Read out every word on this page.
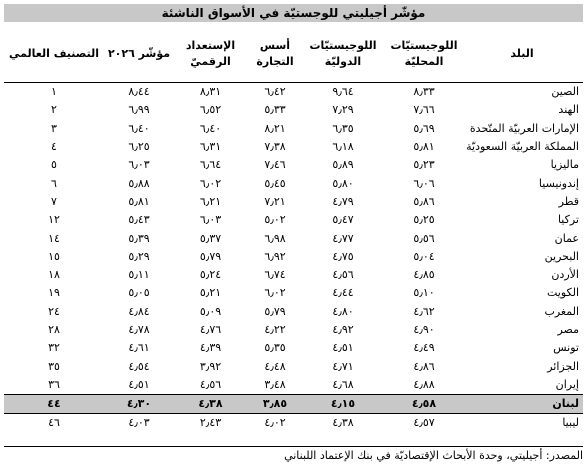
مؤشّر أجيليتي للوجستيّة في الأسواق الناشئة
البلد	اللوجيستيّات المحليّة	اللوجيستيّات الدوليّة	أسس التجارة	الإستعداد الرقميّ	مؤشّر ٢٠٢٦	التصنيف العالمي
الصين	٨٫٣٣	٩٫٦٤	٦٫٤٢	٨٫٣١	٨٫٤٤	١
الهند	٧٫٦٦	٧٫٢٩	٥٫٣٣	٦٫٥٢	٦٫٩٩	٢
الإمارات العربيّة المتّحدة	٥٫٦٩	٦٫٣٥	٨٫٢١	٦٫٤٠	٦٫٤٠	٣
المملكة العربيّة السعوديّة	٥٫٨١	٦٫١٨	٧٫٣٨	٦٫٣١	٦٫٢٥	٤
ماليزيا	٥٫٢٣	٥٫٨٩	٧٫٤٦	٦٫٦٤	٦٫٠٣	٥
إندونيسيا	٦٫٠٦	٥٫٨٠	٥٫٤٥	٦٫٠٢	٥٫٨٨	٦
قطر	٥٫٨٦	٤٫٧٩	٧٫٢١	٦٫٢١	٥٫٨١	٧
تركيا	٥٫٢٥	٥٫٤٧	٥٫٠٢	٦٫٠٣	٥٫٤٣	١٢
عمان	٥٫٥٦	٤٫٧٧	٦٫٩٨	٥٫٣٧	٥٫٣٩	١٤
البحرين	٥٫٠٤	٤٫٧٥	٦٫٩٢	٥٫٧٩	٥٫٢٩	١٥
الأردن	٤٫٨٥	٤٫٥٦	٦٫٧٤	٥٫٢٤	٥٫١١	١٨
الكويت	٥٫١٠	٤٫٤٤	٦٫٠٢	٥٫٢١	٥٫٠٥	١٩
المغرب	٤٫٦٢	٤٫٨٠	٥٫٧٩	٥٫٠٩	٤٫٨٤	٢٤
مصر	٤٫٩٠	٤٫٩٢	٤٫٢٢	٤٫٧٦	٤٫٧٨	٢٨
تونس	٤٫٤٩	٤٫٥١	٥٫٣٥	٤٫٣٩	٤٫٦١	٣٢
الجزائر	٤٫٨٦	٤٫٧١	٤٫٤٨	٣٫٩٢	٤٫٥٤	٣٥
إيران	٤٫٨٨	٤٫٦٨	٣٫٤٨	٤٫٥٦	٤٫٥١	٣٦
لبنان	٤٫٥٨	٤٫١٥	٣٫٨٥	٤٫٣٨	٤٫٣٠	٤٤
ليبيا	٤٫٥٧	٤٫٣٨	٤٫٠٢	٢٫٤٣	٤٫٠٣	٤٦
المصدر: أجيليتي، وحدة الأبحاث الإقتصاديّة في بنك الإعتماد اللبناني
